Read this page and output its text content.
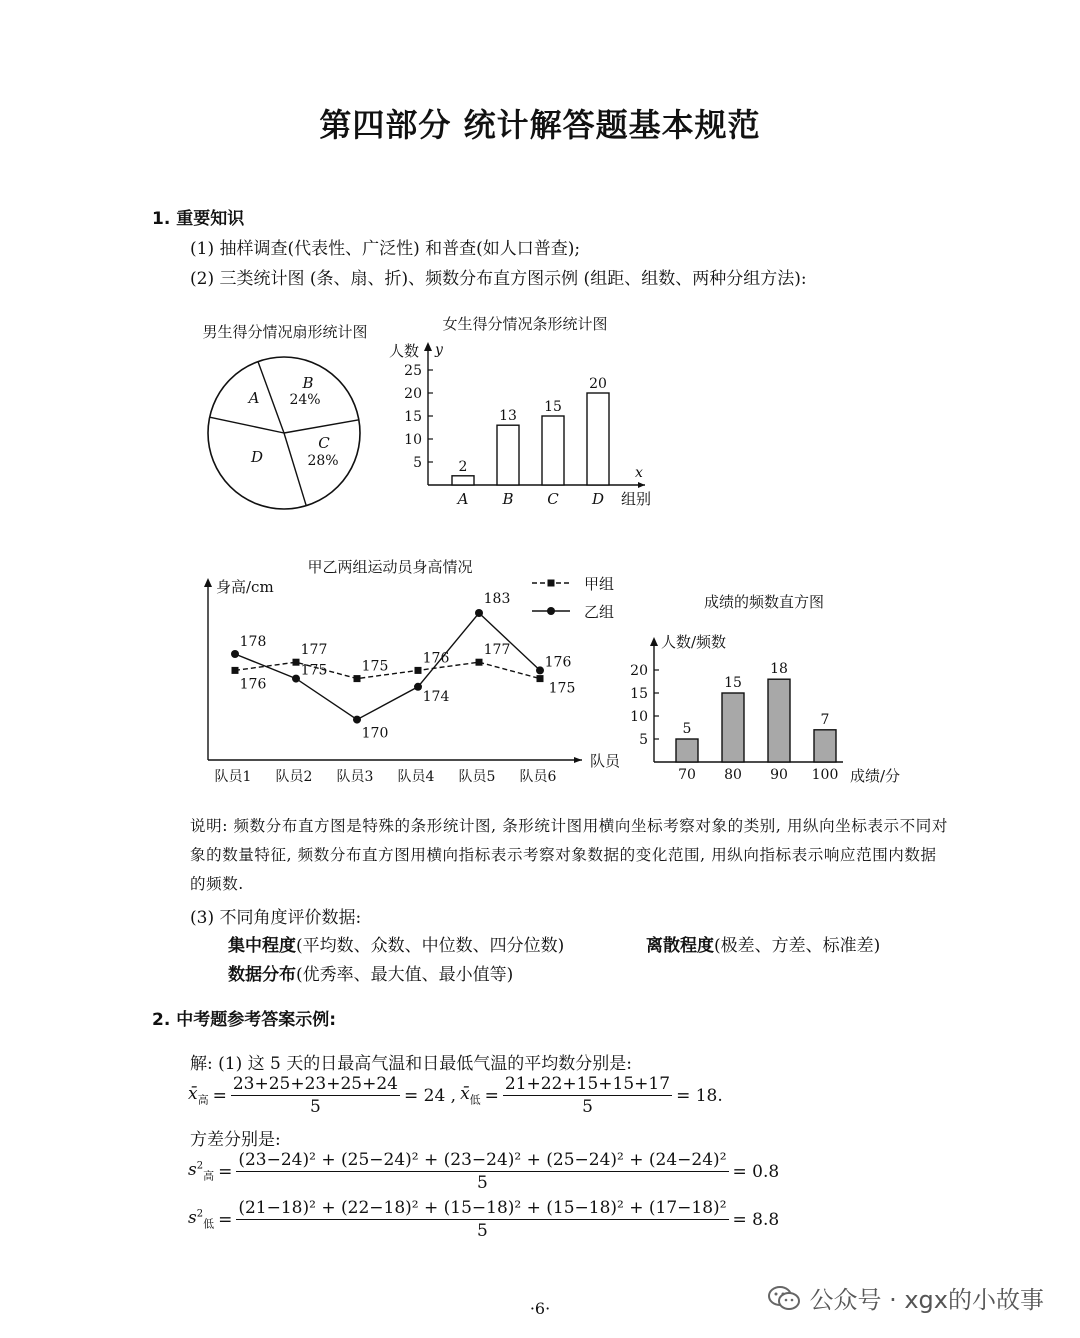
第四部分 统计解答题基本规范
1. 重要知识
(1) 抽样调查(代表性、广泛性) 和普查(如人口普查);
(2) 三类统计图 (条、扇、折)、频数分布直方图示例 (组距、组数、两种分组方法):
男生得分情况扇形统计图
A
B
24%
C
28%
D
女生得分情况条形统计图
人数 y
x
组别
5
10
15
20
25
2
A
13
B
15
C
20
D
甲乙两组运动员身高情况
身高/cm
队员
甲组
乙组
队员1 队员2 队员3 队员4 队员5 队员6
176
177
175
176
177
175
178
175
170
174
183
176
成绩的频数直方图
人数/频数
成绩/分
5
10
15
20
5
70
15
80
18
90
7
100
说明: 频数分布直方图是特殊的条形统计图, 条形统计图用横向坐标考察对象的类别, 用纵向坐标表示不同对象的数量特征, 频数分布直方图用横向指标表示考察对象数据的变化范围, 用纵向指标表示响应范围内数据的频数.
(3) 不同角度评价数据:
集中程度(平均数、众数、中位数、四分位数)	离散程度(极差、方差、标准差)
数据分布(优秀率、最大值、最小值等)
2. 中考题参考答案示例:
解: (1) 这 5 天的日最高气温和日最低气温的平均数分别是:
$x̄_高 = \frac{23+25+23+25+24}{5} = 24$ , $x̄_低 = \frac{21+22+15+15+17}{5} = 18$.
方差分别是:
$s^2_高 = \frac{\text{(23−24)² + (25−24)² + (23−24)² + (25−24)² + (24−24)²}}{5} = 0.8$
$s^2_低 = \frac{\text{(21−18)² + (22−18)² + (15−18)² + (15−18)² + (17−18)²}}{5} = 8.8$
·6·	公众号 · xgx的小故事
